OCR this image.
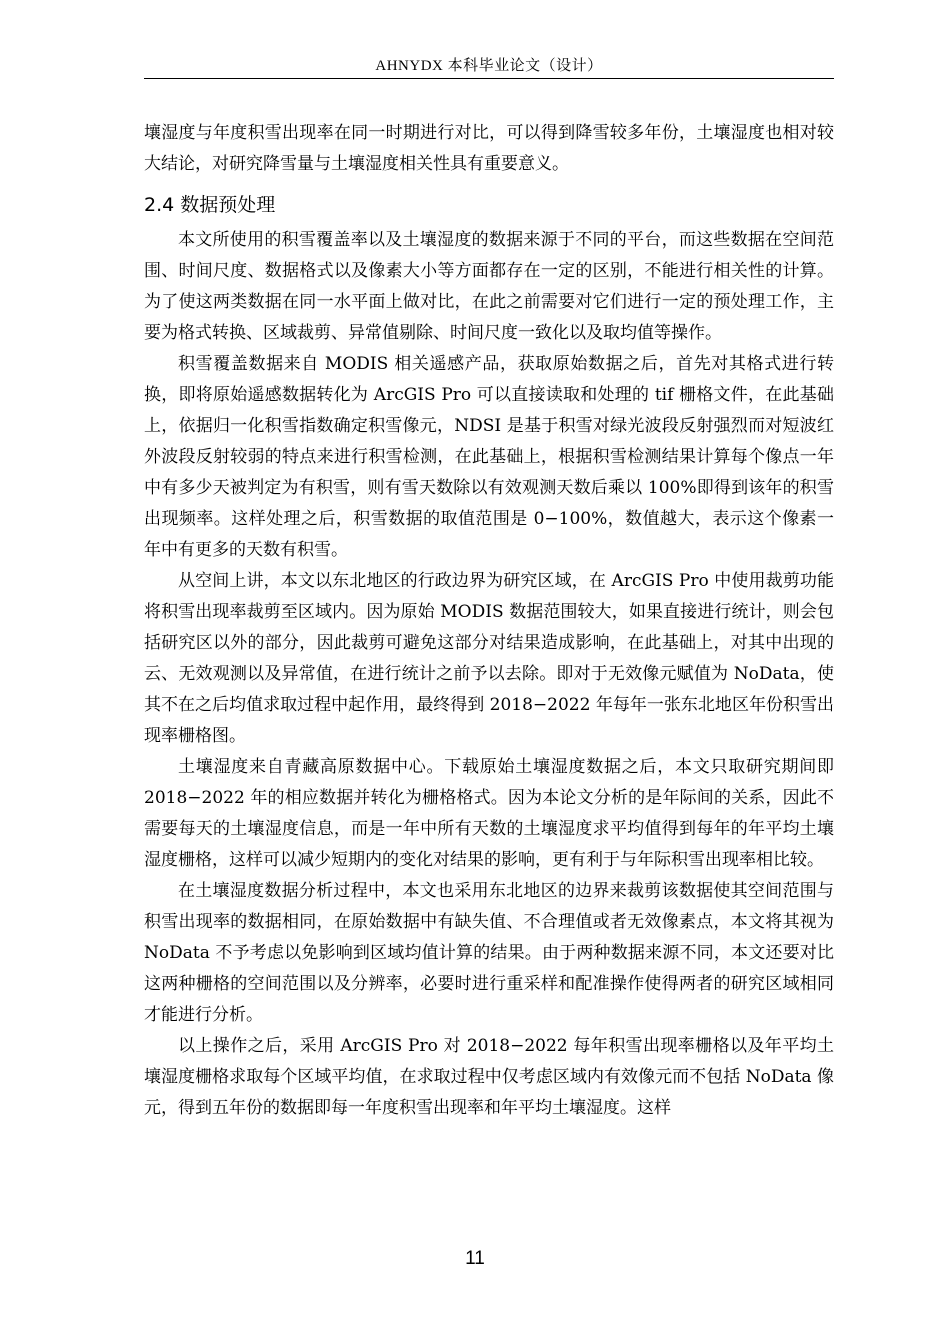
AHNYDX 本科毕业论文（设计）

壤湿度与年度积雪出现率在同一时期进行对比，可以得到降雪较多年份，土壤湿度也相对较大结论，对研究降雪量与土壤湿度相关性具有重要意义。

2.4 数据预处理

本文所使用的积雪覆盖率以及土壤湿度的数据来源于不同的平台，而这些数据在空间范围、时间尺度、数据格式以及像素大小等方面都存在一定的区别，不能进行相关性的计算。为了使这两类数据在同一水平面上做对比，在此之前需要对它们进行一定的预处理工作，主要为格式转换、区域裁剪、异常值剔除、时间尺度一致化以及取均值等操作。

积雪覆盖数据来自 MODIS 相关遥感产品，获取原始数据之后，首先对其格式进行转换，即将原始遥感数据转化为 ArcGIS Pro 可以直接读取和处理的 tif 栅格文件，在此基础上，依据归一化积雪指数确定积雪像元，NDSI 是基于积雪对绿光波段反射强烈而对短波红外波段反射较弱的特点来进行积雪检测，在此基础上，根据积雪检测结果计算每个像点一年中有多少天被判定为有积雪，则有雪天数除以有效观测天数后乘以 100%即得到该年的积雪出现频率。这样处理之后，积雪数据的取值范围是 0−100%，数值越大，表示这个像素一年中有更多的天数有积雪。

从空间上讲，本文以东北地区的行政边界为研究区域，在 ArcGIS Pro 中使用裁剪功能将积雪出现率裁剪至区域内。因为原始 MODIS 数据范围较大，如果直接进行统计，则会包括研究区以外的部分，因此裁剪可避免这部分对结果造成影响，在此基础上，对其中出现的云、无效观测以及异常值，在进行统计之前予以去除。即对于无效像元赋值为 NoData，使其不在之后均值求取过程中起作用，最终得到 2018−2022 年每年一张东北地区年份积雪出现率栅格图。

土壤湿度来自青藏高原数据中心。下载原始土壤湿度数据之后，本文只取研究期间即 2018−2022 年的相应数据并转化为栅格格式。因为本论文分析的是年际间的关系，因此不需要每天的土壤湿度信息，而是一年中所有天数的土壤湿度求平均值得到每年的年平均土壤湿度栅格，这样可以减少短期内的变化对结果的影响，更有利于与年际积雪出现率相比较。

在土壤湿度数据分析过程中，本文也采用东北地区的边界来裁剪该数据使其空间范围与积雪出现率的数据相同，在原始数据中有缺失值、不合理值或者无效像素点，本文将其视为 NoData 不予考虑以免影响到区域均值计算的结果。由于两种数据来源不同，本文还要对比这两种栅格的空间范围以及分辨率，必要时进行重采样和配准操作使得两者的研究区域相同才能进行分析。

以上操作之后，采用 ArcGIS Pro 对 2018−2022 每年积雪出现率栅格以及年平均土壤湿度栅格求取每个区域平均值，在求取过程中仅考虑区域内有效像元而不包括 NoData 像元，得到五年份的数据即每一年度积雪出现率和年平均土壤湿度。这样

11
